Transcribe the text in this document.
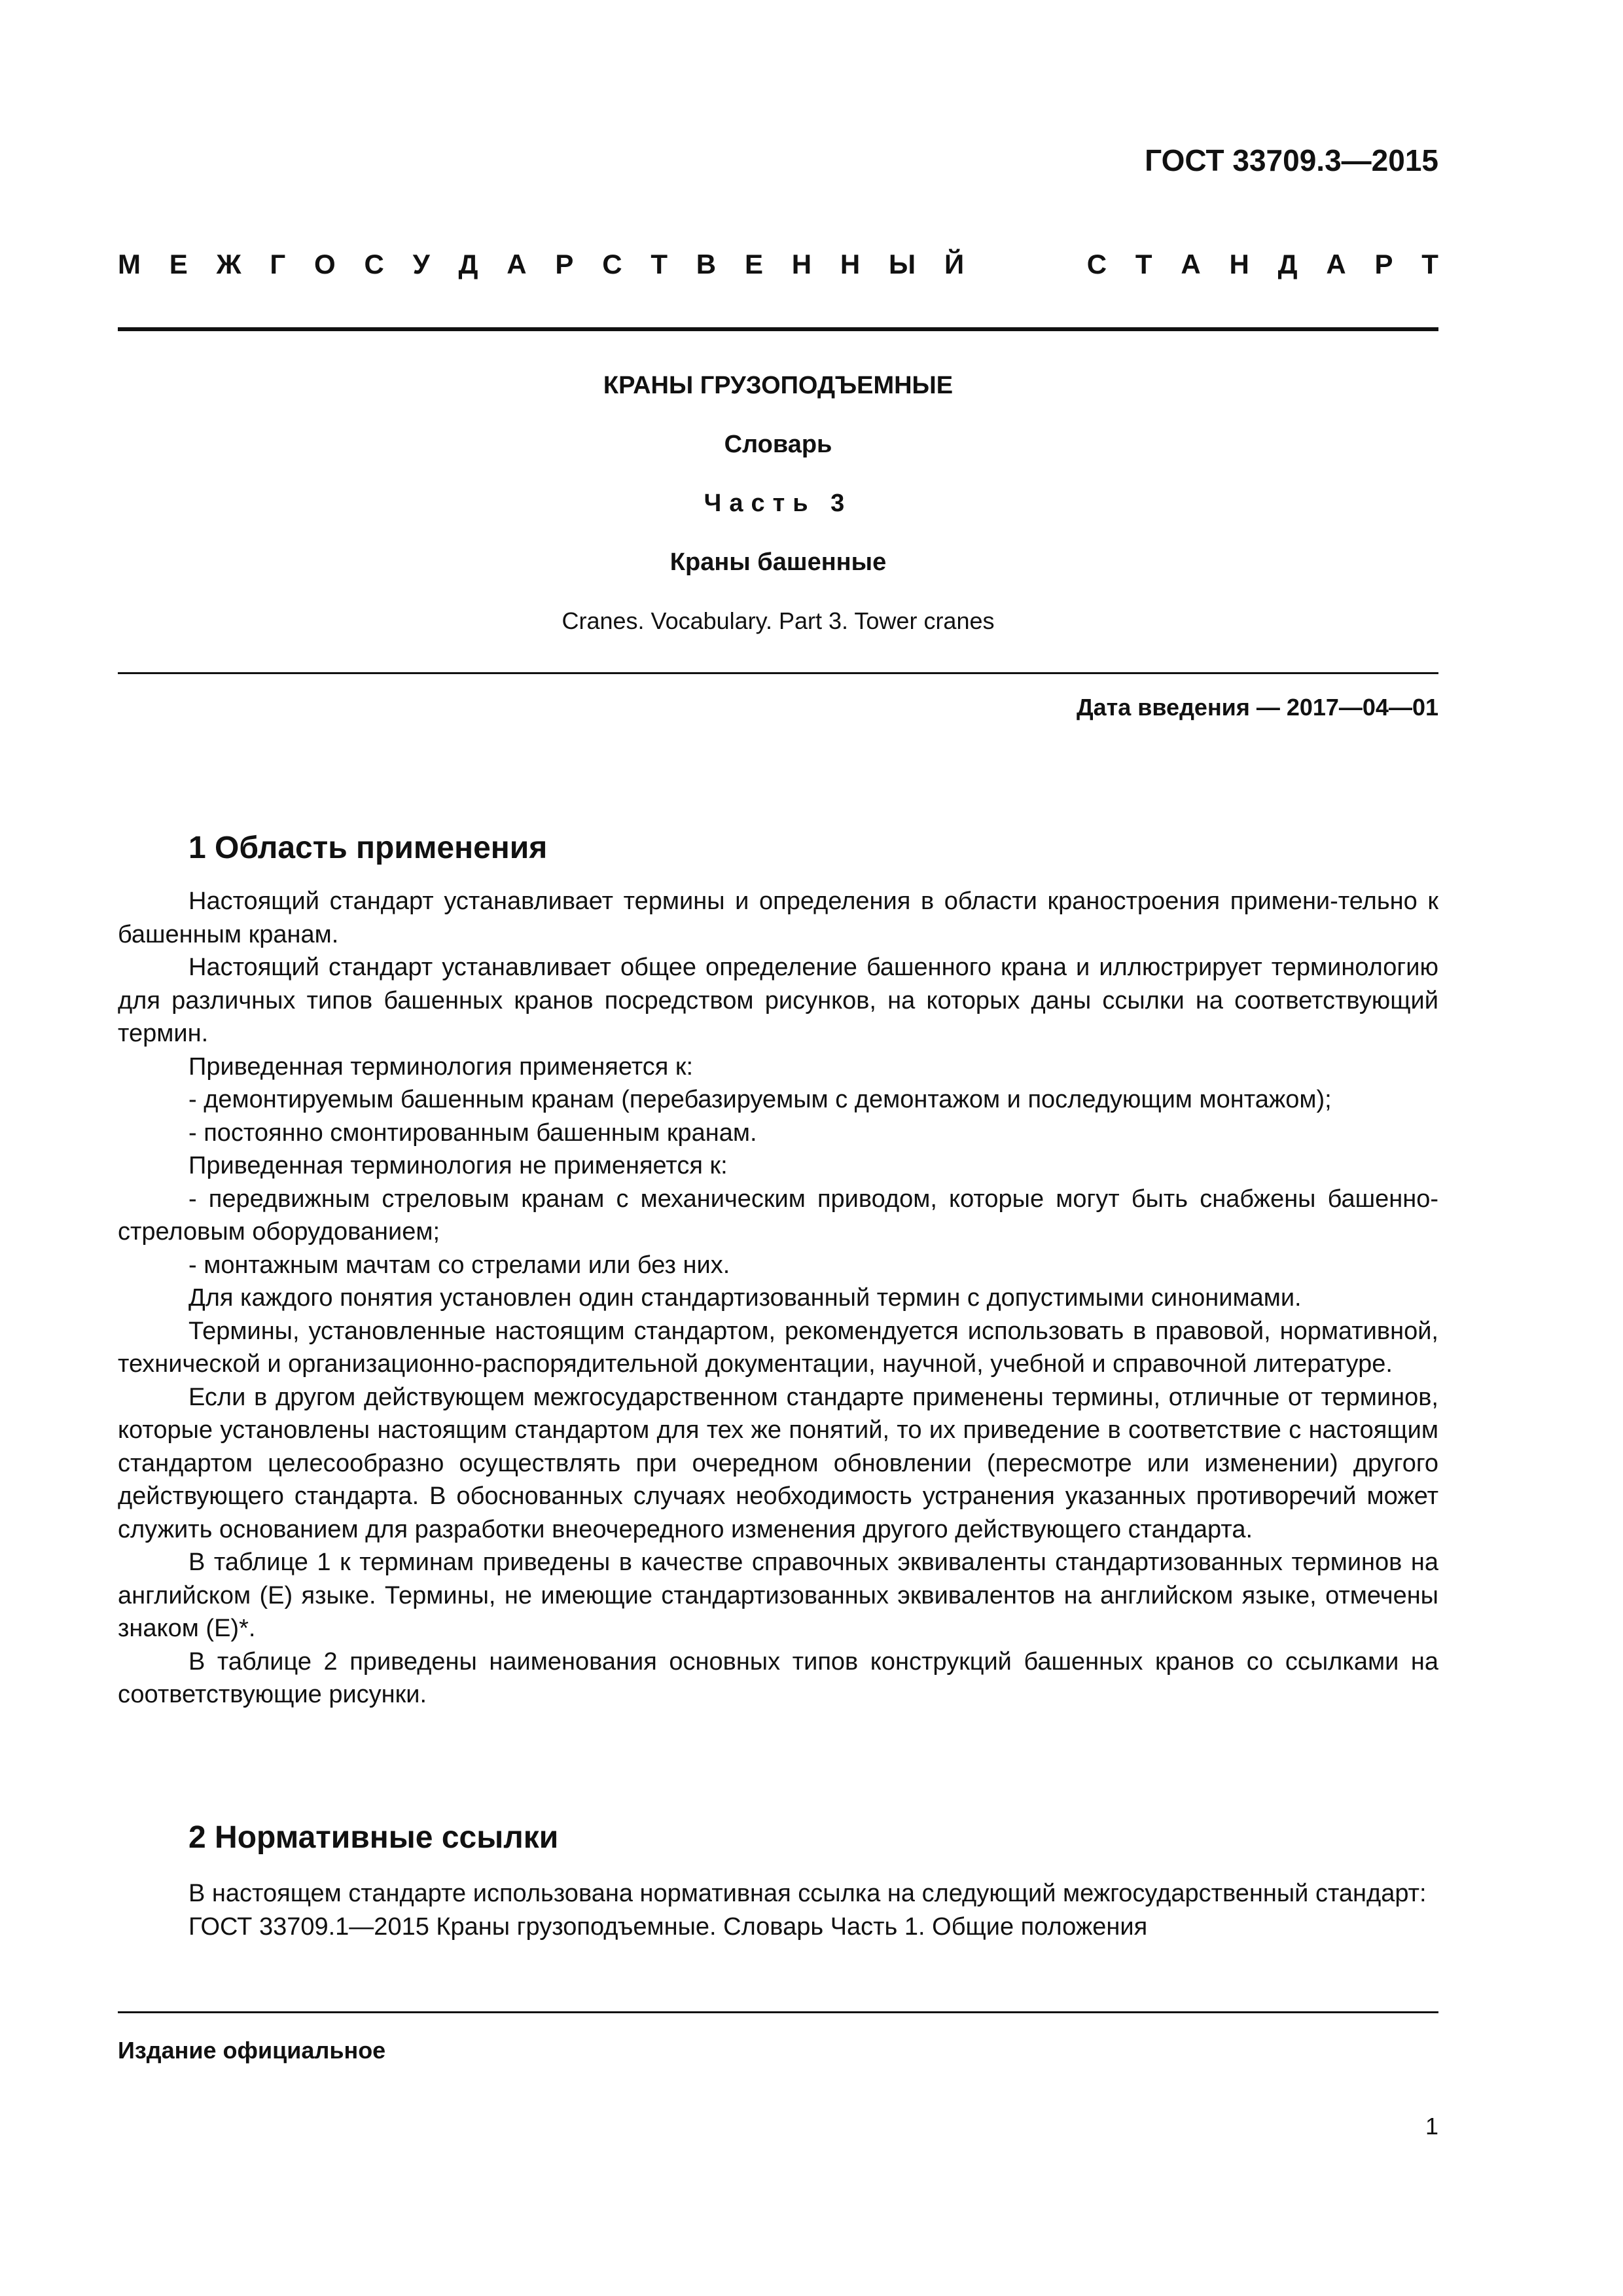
ГОСТ 33709.3—2015
М Е Ж Г О С У Д А Р С Т В Е Н Н Ы Й	С Т А Н Д А Р Т
КРАНЫ ГРУЗОПОДЪЕМНЫЕ
Словарь
Часть 3
Краны башенные
Cranes. Vocabulary. Part 3. Tower cranes
Дата введения — 2017—04—01
1 Область применения

Настоящий стандарт устанавливает термины и определения в области краностроения примени-тельно к башенным кранам.

Настоящий стандарт устанавливает общее определение башенного крана и иллюстрирует терминологию для различных типов башенных кранов посредством рисунков, на которых даны ссылки на соответствующий термин.

Приведенная терминология применяется к:

- демонтируемым башенным кранам (перебазируемым с демонтажом и последующим монтажом);

- постоянно смонтированным башенным кранам.

Приведенная терминология не применяется к:

- передвижным стреловым кранам с механическим приводом, которые могут быть снабжены башенно-стреловым оборудованием;

- монтажным мачтам со стрелами или без них.

Для каждого понятия установлен один стандартизованный термин с допустимыми синонимами.

Термины, установленные настоящим стандартом, рекомендуется использовать в правовой, нормативной, технической и организационно-распорядительной документации, научной, учебной и справочной литературе.

Если в другом действующем межгосударственном стандарте применены термины, отличные от терминов, которые установлены настоящим стандартом для тех же понятий, то их приведение в соответствие с настоящим стандартом целесообразно осуществлять при очередном обновлении (пересмотре или изменении) другого действующего стандарта. В обоснованных случаях необходимость устранения указанных противоречий может служить основанием для разработки внеочередного изменения другого действующего стандарта.

В таблице 1 к терминам приведены в качестве справочных эквиваленты стандартизованных терминов на английском (Е) языке. Термины, не имеющие стандартизованных эквивалентов на английском языке, отмечены знаком (Е)*.

В таблице 2 приведены наименования основных типов конструкций башенных кранов со ссылками на соответствующие рисунки.

2 Нормативные ссылки

В настоящем стандарте использована нормативная ссылка на следующий межгосударственный стандарт:

ГОСТ 33709.1—2015 Краны грузоподъемные. Словарь Часть 1. Общие положения

Издание официальное
1
